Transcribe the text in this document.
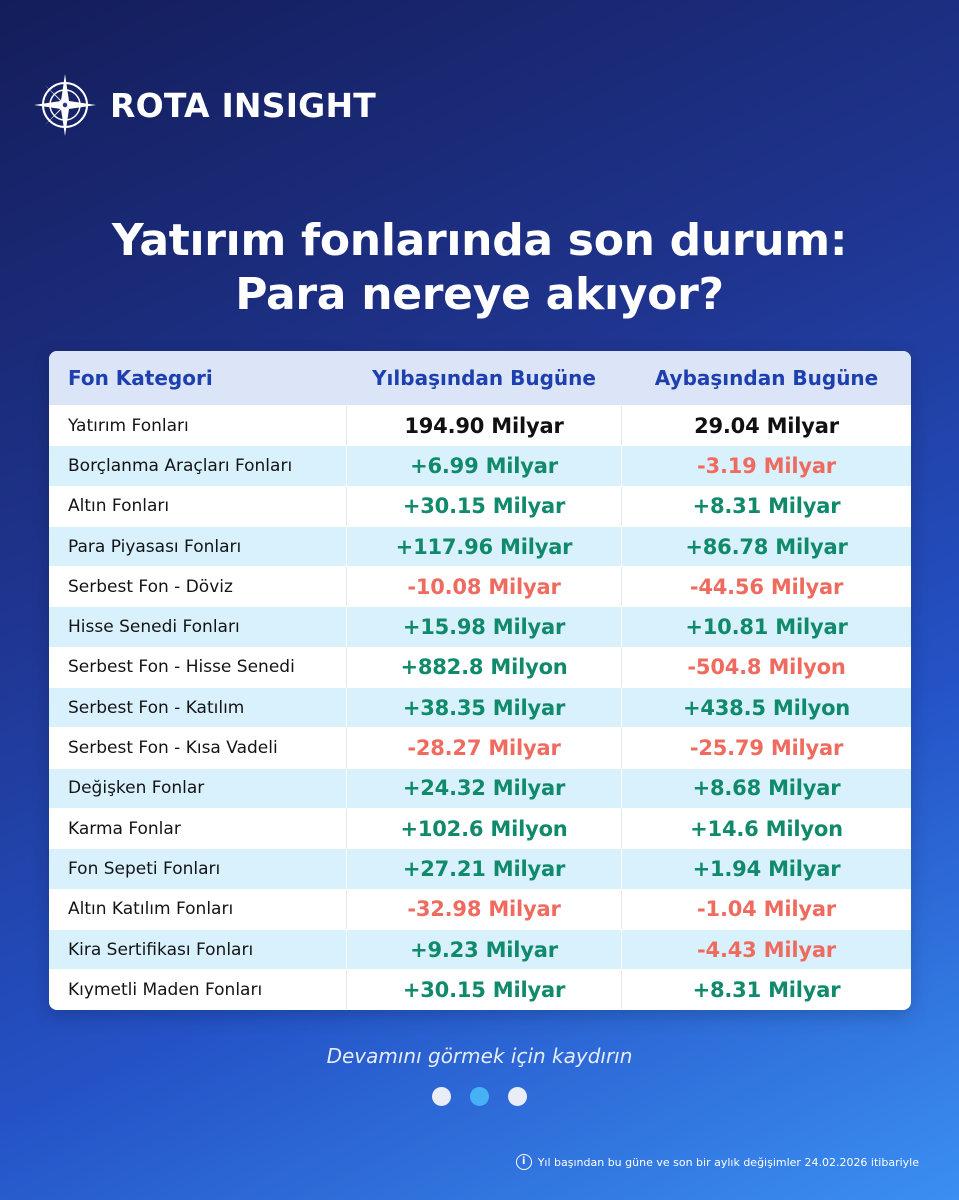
ROTA INSIGHT
Yatırım fonlarında son durum:
Para nereye akıyor?
Fon Kategori	Yılbaşından Bugüne	Aybaşından Bugüne
Yatırım Fonları	194.90 Milyar	29.04 Milyar
Borçlanma Araçları Fonları	+6.99 Milyar	-3.19 Milyar
Altın Fonları	+30.15 Milyar	+8.31 Milyar
Para Piyasası Fonları	+117.96 Milyar	+86.78 Milyar
Serbest Fon - Döviz	-10.08 Milyar	-44.56 Milyar
Hisse Senedi Fonları	+15.98 Milyar	+10.81 Milyar
Serbest Fon - Hisse Senedi	+882.8 Milyon	-504.8 Milyon
Serbest Fon - Katılım	+38.35 Milyar	+438.5 Milyon
Serbest Fon - Kısa Vadeli	-28.27 Milyar	-25.79 Milyar
Değişken Fonlar	+24.32 Milyar	+8.68 Milyar
Karma Fonlar	+102.6 Milyon	+14.6 Milyon
Fon Sepeti Fonları	+27.21 Milyar	+1.94 Milyar
Altın Katılım Fonları	-32.98 Milyar	-1.04 Milyar
Kira Sertifikası Fonları	+9.23 Milyar	-4.43 Milyar
Kıymetli Maden Fonları	+30.15 Milyar	+8.31 Milyar
Devamını görmek için kaydırın
i	Yıl başından bu güne ve son bir aylık değişimler 24.02.2026 itibariyle
